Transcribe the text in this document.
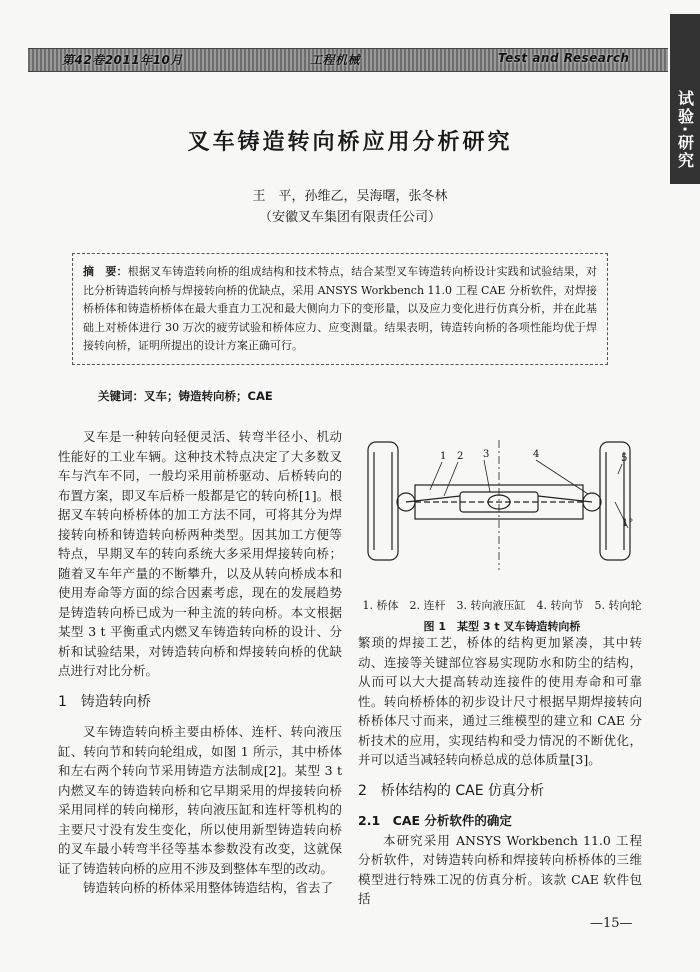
第42卷2011年10月	工程机械	Test and Research
试验·研究
叉车铸造转向桥应用分析研究
王　平，孙维乙，吴海曙，张冬林
（安徽叉车集团有限责任公司）
摘　要：根据叉车铸造转向桥的组成结构和技术特点，结合某型叉车铸造转向桥设计实践和试验结果，对比分析铸造转向桥与焊接转向桥的优缺点，采用 ANSYS Workbench 11.0 工程 CAE 分析软件，对焊接桥桥体和铸造桥桥体在最大垂直力工况和最大侧向力下的变形量，以及应力变化进行仿真分析，并在此基础上对桥体进行 30 万次的疲劳试验和桥体应力、应变测量。结果表明，铸造转向桥的各项性能均优于焊接转向桥，证明所提出的设计方案正确可行。
关键词：叉车；铸造转向桥；CAE

叉车是一种转向轻便灵活、转弯半径小、机动性能好的工业车辆。这种技术特点决定了大多数叉车与汽车不同，一般均采用前桥驱动、后桥转向的布置方案，即叉车后桥一般都是它的转向桥[1]。根据叉车转向桥桥体的加工方法不同，可将其分为焊接转向桥和铸造转向桥两种类型。因其加工方便等特点，早期叉车的转向系统大多采用焊接转向桥；随着叉车年产量的不断攀升，以及从转向桥成本和使用寿命等方面的综合因素考虑，现在的发展趋势是铸造转向桥已成为一种主流的转向桥。本文根据某型 3 t 平衡重式内燃叉车铸造转向桥的设计、分析和试验结果，对铸造转向桥和焊接转向桥的优缺点进行对比分析。

1　铸造转向桥

叉车铸造转向桥主要由桥体、连杆、转向液压缸、转向节和转向轮组成，如图 1 所示，其中桥体和左右两个转向节采用铸造方法制成[2]。某型 3 t 内燃叉车的铸造转向桥和它早期采用的焊接转向桥采用同样的转向梯形，转向液压缸和连杆等机构的主要尺寸没有发生变化，所以使用新型铸造转向桥的叉车最小转弯半径等基本参数没有改变，这就保证了铸造转向桥的应用不涉及到整体车型的改动。

铸造转向桥的桥体采用整体铸造结构，省去了

1 2 3	4	5
1°
1. 桥体　2. 连杆　3. 转向液压缸　4. 转向节　5. 转向轮
图 1　某型 3 t 叉车铸造转向桥

繁琐的焊接工艺，桥体的结构更加紧凑，其中转动、连接等关键部位容易实现防水和防尘的结构，从而可以大大提高转动连接件的使用寿命和可靠性。转向桥桥体的初步设计尺寸根据早期焊接转向桥桥体尺寸而来，通过三维模型的建立和 CAE 分析技术的应用，实现结构和受力情况的不断优化，并可以适当减轻转向桥总成的总体质量[3]。

2　桥体结构的 CAE 仿真分析
2.1　CAE 分析软件的确定

本研究采用 ANSYS Workbench 11.0 工程分析软件，对铸造转向桥和焊接转向桥桥体的三维模型进行特殊工况的仿真分析。该款 CAE 软件包括

—15—
